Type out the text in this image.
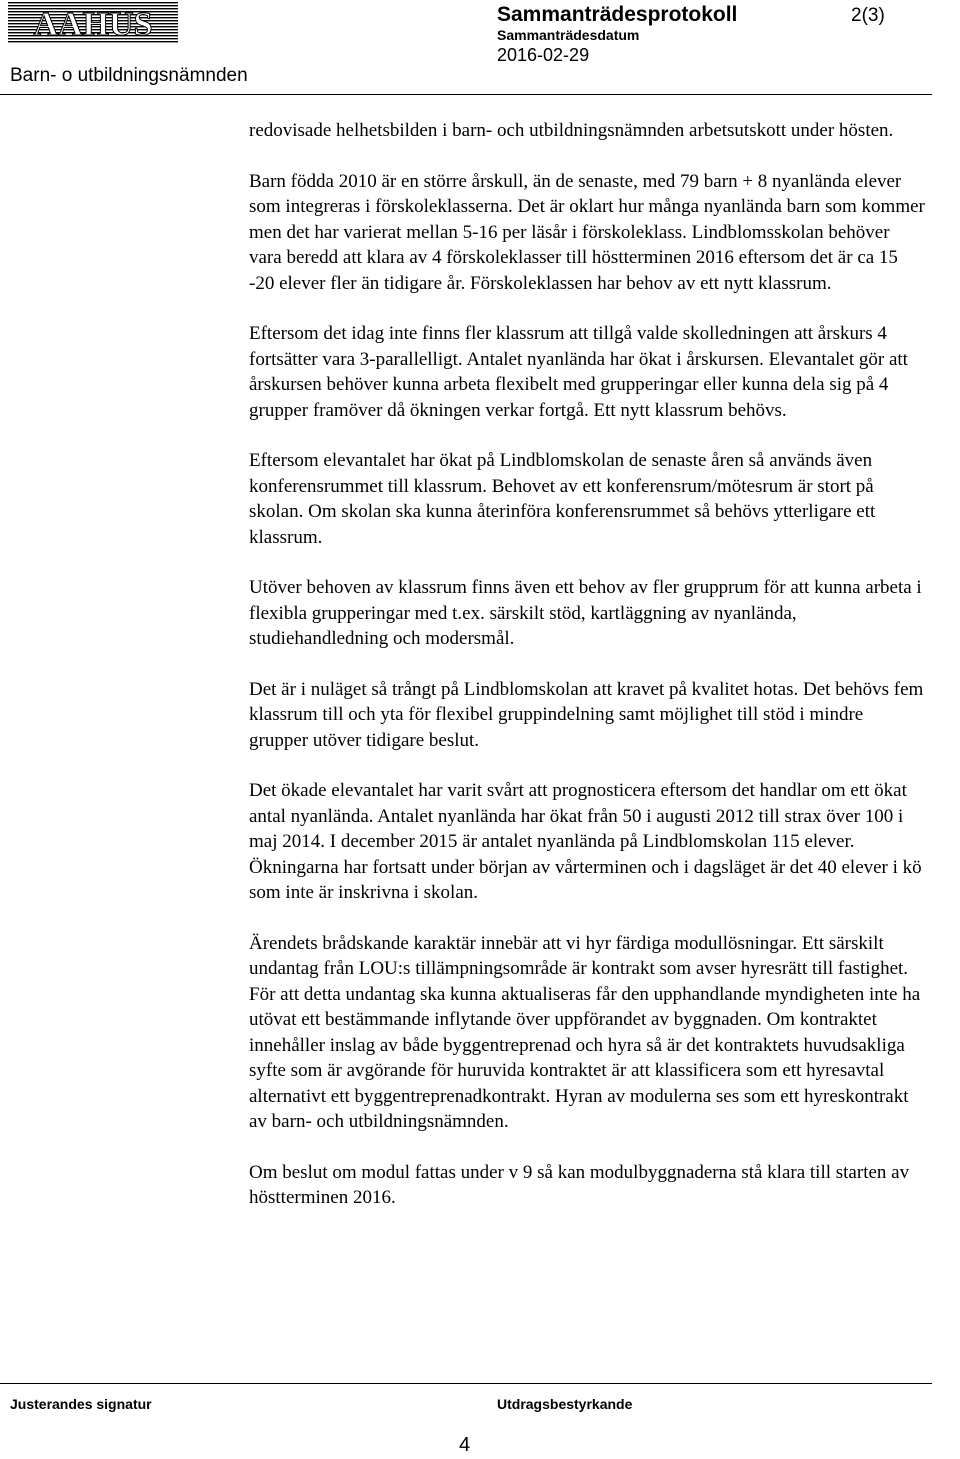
AAHUS	Sammanträdesprotokoll	2(3)
Sammanträdesdatum
2016-02-29
Barn- o utbildningsnämnden

redovisade helhetsbilden i barn- och utbildningsnämnden arbetsutskott under hösten.

Barn födda 2010 är en större årskull, än de senaste, med 79 barn + 8 nyanlända elever som integreras i förskoleklasserna. Det är oklart hur många nyanlända barn som kommer men det har varierat mellan 5-16 per läsår i förskoleklass. Lindblomsskolan behöver vara beredd att klara av 4 förskoleklasser till höstterminen 2016 eftersom det är ca 15 -20 elever fler än tidigare år. Förskoleklassen har behov av ett nytt klassrum.

Eftersom det idag inte finns fler klassrum att tillgå valde skolledningen att årskurs 4 fortsätter vara 3-parallelligt. Antalet nyanlända har ökat i årskursen. Elevantalet gör att årskursen behöver kunna arbeta flexibelt med grupperingar eller kunna dela sig på 4 grupper framöver då ökningen verkar fortgå. Ett nytt klassrum behövs.

Eftersom elevantalet har ökat på Lindblomskolan de senaste åren så används även konferensrummet till klassrum. Behovet av ett konferensrum/mötesrum är stort på skolan. Om skolan ska kunna återinföra konferensrummet så behövs ytterligare ett klassrum.

Utöver behoven av klassrum finns även ett behov av fler grupprum för att kunna arbeta i flexibla grupperingar med t.ex. särskilt stöd, kartläggning av nyanlända, studiehandledning och modersmål.

Det är i nuläget så trångt på Lindblomskolan att kravet på kvalitet hotas. Det behövs fem klassrum till och yta för flexibel gruppindelning samt möjlighet till stöd i mindre grupper utöver tidigare beslut.

Det ökade elevantalet har varit svårt att prognosticera eftersom det handlar om ett ökat antal nyanlända. Antalet nyanlända har ökat från 50 i augusti 2012 till strax över 100 i maj 2014. I december 2015 är antalet nyanlända på Lindblomskolan 115 elever. Ökningarna har fortsatt under början av vårterminen och i dagsläget är det 40 elever i kö som inte är inskrivna i skolan.

Ärendets brådskande karaktär innebär att vi hyr färdiga modullösningar. Ett särskilt undantag från LOU:s tillämpningsområde är kontrakt som avser hyresrätt till fastighet. För att detta undantag ska kunna aktualiseras får den upphandlande myndigheten inte ha utövat ett bestämmande inflytande över uppförandet av byggnaden. Om kontraktet innehåller inslag av både byggentreprenad och hyra så är det kontraktets huvudsakliga syfte som är avgörande för huruvida kontraktet är att klassificera som ett hyresavtal alternativt ett byggentreprenadkontrakt. Hyran av modulerna ses som ett hyreskontrakt av barn- och utbildningsnämnden.

Om beslut om modul fattas under v 9 så kan modulbyggnaderna stå klara till starten av höstterminen 2016.

Justerandes signatur	Utdragsbestyrkande
4
